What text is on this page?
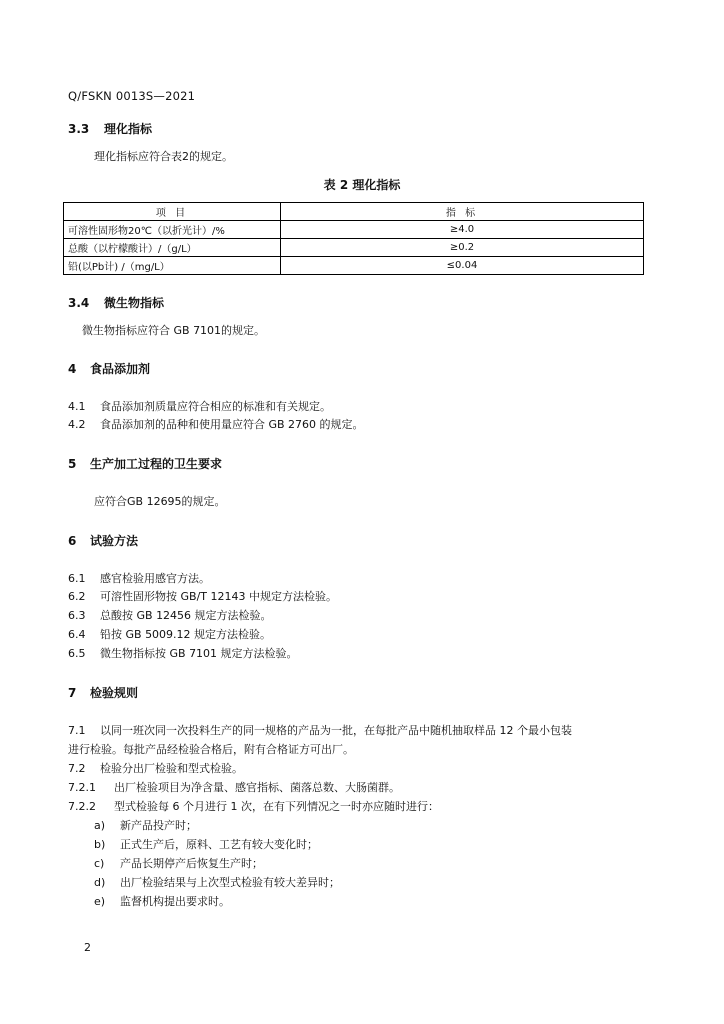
Q/FSKN 0013S—2021
3.3 理化指标
理化指标应符合表2的规定。
表 2 理化指标
项 目	指 标
可溶性固形物20℃（以折光计）/%	≥4.0
总酸（以柠檬酸计）/（g/L）	≥0.2
铅(以Pb计) /（mg/L）	≤0.04
3.4 微生物指标
微生物指标应符合 GB 7101的规定。
4 食品添加剂
4.1 食品添加剂质量应符合相应的标准和有关规定。
4.2 食品添加剂的品种和使用量应符合 GB 2760 的规定。
5 生产加工过程的卫生要求
应符合GB 12695的规定。
6 试验方法
6.1 感官检验用感官方法。
6.2 可溶性固形物按 GB/T 12143 中规定方法检验。
6.3 总酸按 GB 12456 规定方法检验。
6.4 铅按 GB 5009.12 规定方法检验。
6.5 微生物指标按 GB 7101 规定方法检验。
7 检验规则
7.1 以同一班次同一次投料生产的同一规格的产品为一批，在每批产品中随机抽取样品 12 个最小包装
进行检验。每批产品经检验合格后，附有合格证方可出厂。
7.2 检验分出厂检验和型式检验。
7.2.1 出厂检验项目为净含量、感官指标、菌落总数、大肠菌群。
7.2.2 型式检验每 6 个月进行 1 次，在有下列情况之一时亦应随时进行：
a) 新产品投产时；
b) 正式生产后，原料、工艺有较大变化时；
c) 产品长期停产后恢复生产时；
d) 出厂检验结果与上次型式检验有较大差异时；
e) 监督机构提出要求时。
2
